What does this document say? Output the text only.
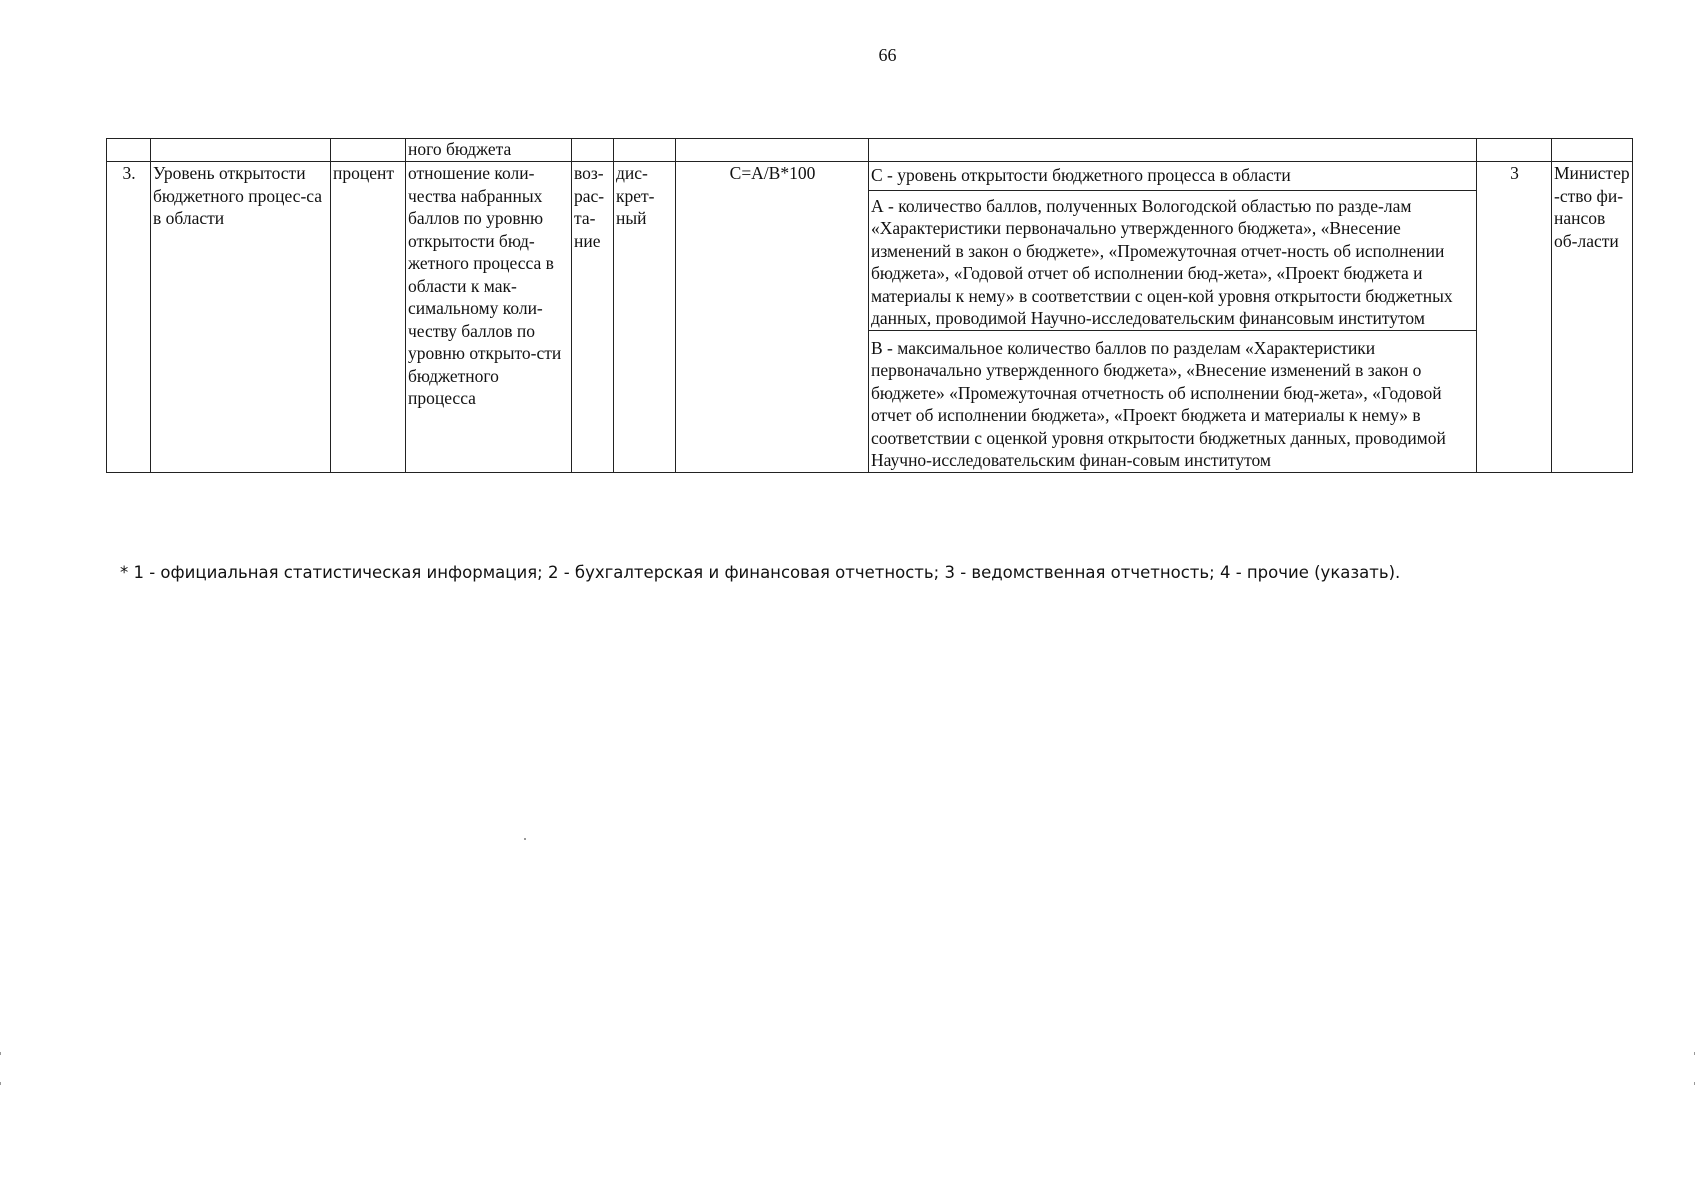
66
			ного бюджета						
3.	Уровень открытости бюджетного процес-са в области	процент	отношение коли-чества набранных баллов по уровню открытости бюд-жетного процесса в области к мак-симальному коли-честву баллов по уровню открыто-сти бюджетного процесса	воз-рас-та-ние	дис-крет-ный	C=A/B*100	С - уровень открытости бюджетного процесса в области
А - количество баллов, полученных Вологодской областью по разде-лам «Характеристики первоначально утвержденного бюджета», «Внесение изменений в закон о бюджете», «Промежуточная отчет-ность об исполнении бюджета», «Годовой отчет об исполнении бюд-жета», «Проект бюджета и материалы к нему» в соответствии с оцен-кой уровня открытости бюджетных данных, проводимой Научно-исследовательским финансовым институтом
В - максимальное количество баллов по разделам «Характеристики первоначально утвержденного бюджета», «Внесение изменений в закон о бюджете» «Промежуточная отчетность об исполнении бюд-жета», «Годовой отчет об исполнении бюджета», «Проект бюджета и материалы к нему» в соответствии с оценкой уровня открытости бюджетных данных, проводимой Научно-исследовательским финан-совым институтом	3	Министер-ство фи-нансов об-ласти
* 1 - официальная статистическая информация; 2 - бухгалтерская и финансовая отчетность; 3 - ведомственная отчетность; 4 - прочие (указать).
